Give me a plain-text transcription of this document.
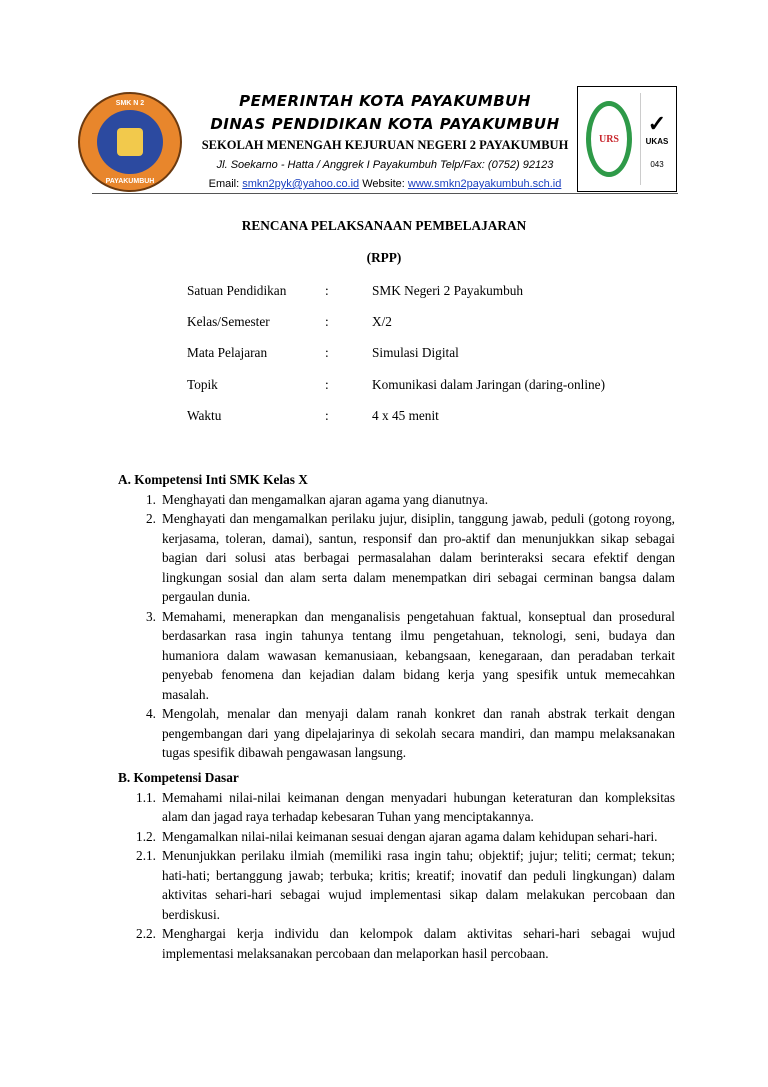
SMK N 2
PAYAKUMBUH
PEMERINTAH KOTA PAYAKUMBUH
DINAS PENDIDIKAN KOTA PAYAKUMBUH
SEKOLAH MENENGAH KEJURUAN NEGERI 2 PAYAKUMBUH
Jl. Soekarno - Hatta / Anggrek I Payakumbuh Telp/Fax: (0752) 92123
Email: smkn2pyk@yahoo.co.id Website: www.smkn2payakumbuh.sch.id
URS
✓
UKAS
043
RENCANA PELAKSANAAN PEMBELAJARAN
(RPP)
Satuan Pendidikan	:	SMK Negeri 2 Payakumbuh
Kelas/Semester	:	X/2
Mata Pelajaran	:	Simulasi Digital
Topik	:	Komunikasi dalam Jaringan (daring-online)
Waktu	:	4 x 45 menit
A. Kompetensi Inti SMK Kelas X
1. Menghayati dan mengamalkan ajaran agama yang dianutnya.
2. Menghayati dan mengamalkan perilaku jujur, disiplin, tanggung jawab, peduli (gotong royong, kerjasama, toleran, damai), santun, responsif dan pro-aktif dan menunjukkan sikap sebagai bagian dari solusi atas berbagai permasalahan dalam berinteraksi secara efektif dengan lingkungan sosial dan alam serta dalam menempatkan diri sebagai cerminan bangsa dalam pergaulan dunia.
3. Memahami, menerapkan dan menganalisis pengetahuan faktual, konseptual dan prosedural berdasarkan rasa ingin tahunya tentang ilmu pengetahuan, teknologi, seni, budaya dan humaniora dalam wawasan kemanusiaan, kebangsaan, kenegaraan, dan peradaban terkait penyebab fenomena dan kejadian dalam bidang kerja yang spesifik untuk memecahkan masalah.
4. Mengolah, menalar dan menyaji dalam ranah konkret dan ranah abstrak terkait dengan pengembangan dari yang dipelajarinya di sekolah secara mandiri, dan mampu melaksanakan tugas spesifik dibawah pengawasan langsung.
B. Kompetensi Dasar
1.1. Memahami nilai-nilai keimanan dengan menyadari hubungan keteraturan dan kompleksitas alam dan jagad raya terhadap kebesaran Tuhan yang menciptakannya.
1.2. Mengamalkan nilai-nilai keimanan sesuai dengan ajaran agama dalam kehidupan sehari-hari.
2.1. Menunjukkan perilaku ilmiah (memiliki rasa ingin tahu; objektif; jujur; teliti; cermat; tekun; hati-hati; bertanggung jawab; terbuka; kritis; kreatif; inovatif dan peduli lingkungan) dalam aktivitas sehari-hari sebagai wujud implementasi sikap dalam melakukan percobaan dan berdiskusi.
2.2. Menghargai kerja individu dan kelompok dalam aktivitas sehari-hari sebagai wujud implementasi melaksanakan percobaan dan melaporkan hasil percobaan.
